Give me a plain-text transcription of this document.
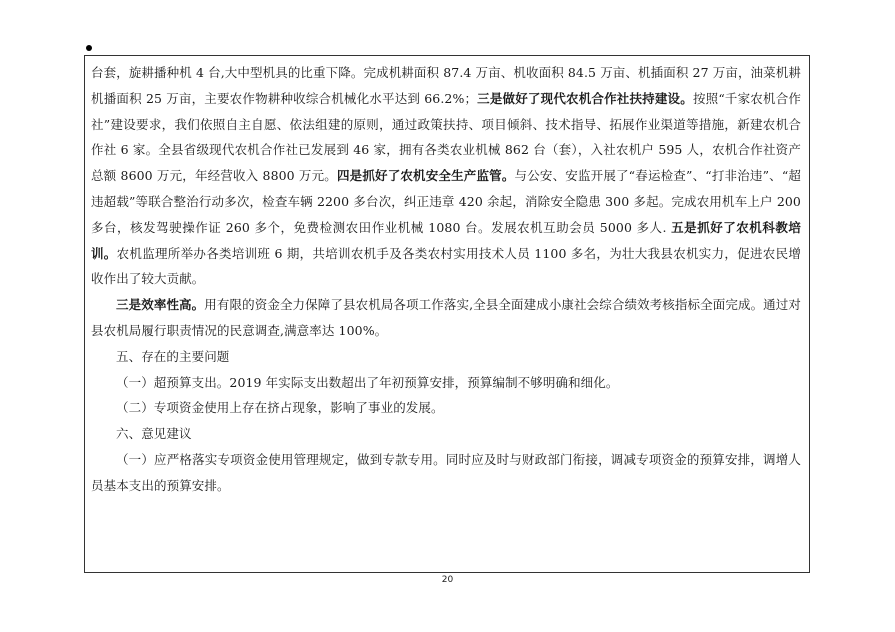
台套，旋耕播种机 4 台,大中型机具的比重下降。完成机耕面积 87.4 万亩、机收面积 84.5 万亩、机插面积 27 万亩，油菜机耕机播面积 25 万亩，主要农作物耕种收综合机械化水平达到 66.2%；三是做好了现代农机合作社扶持建设。按照“千家农机合作社”建设要求，我们依照自主自愿、依法组建的原则，通过政策扶持、项目倾斜、技术指导、拓展作业渠道等措施，新建农机合作社 6 家。全县省级现代农机合作社已发展到 46 家，拥有各类农业机械 862 台（套），入社农机户 595 人，农机合作社资产总额 8600 万元，年经营收入 8800 万元。四是抓好了农机安全生产监管。与公安、安监开展了“春运检查”、“打非治违”、“超违超载”等联合整治行动多次，检查车辆 2200 多台次，纠正违章 420 余起，消除安全隐患 300 多起。完成农用机车上户 200 多台，核发驾驶操作证 260 多个，免费检测农田作业机械 1080 台。发展农机互助会员 5000 多人. 五是抓好了农机科教培训。农机监理所举办各类培训班 6 期，共培训农机手及各类农村实用技术人员 1100 多名，为壮大我县农机实力，促进农民增收作出了较大贡献。

三是效率性高。用有限的资金全力保障了县农机局各项工作落实,全县全面建成小康社会综合绩效考核指标全面完成。通过对县农机局履行职责情况的民意调查,满意率达 100%。

五、存在的主要问题

（一）超预算支出。2019 年实际支出数超出了年初预算安排，预算编制不够明确和细化。

（二）专项资金使用上存在挤占现象，影响了事业的发展。

六、意见建议

（一）应严格落实专项资金使用管理规定，做到专款专用。同时应及时与财政部门衔接，调减专项资金的预算安排，调增人员基本支出的预算安排。

20
